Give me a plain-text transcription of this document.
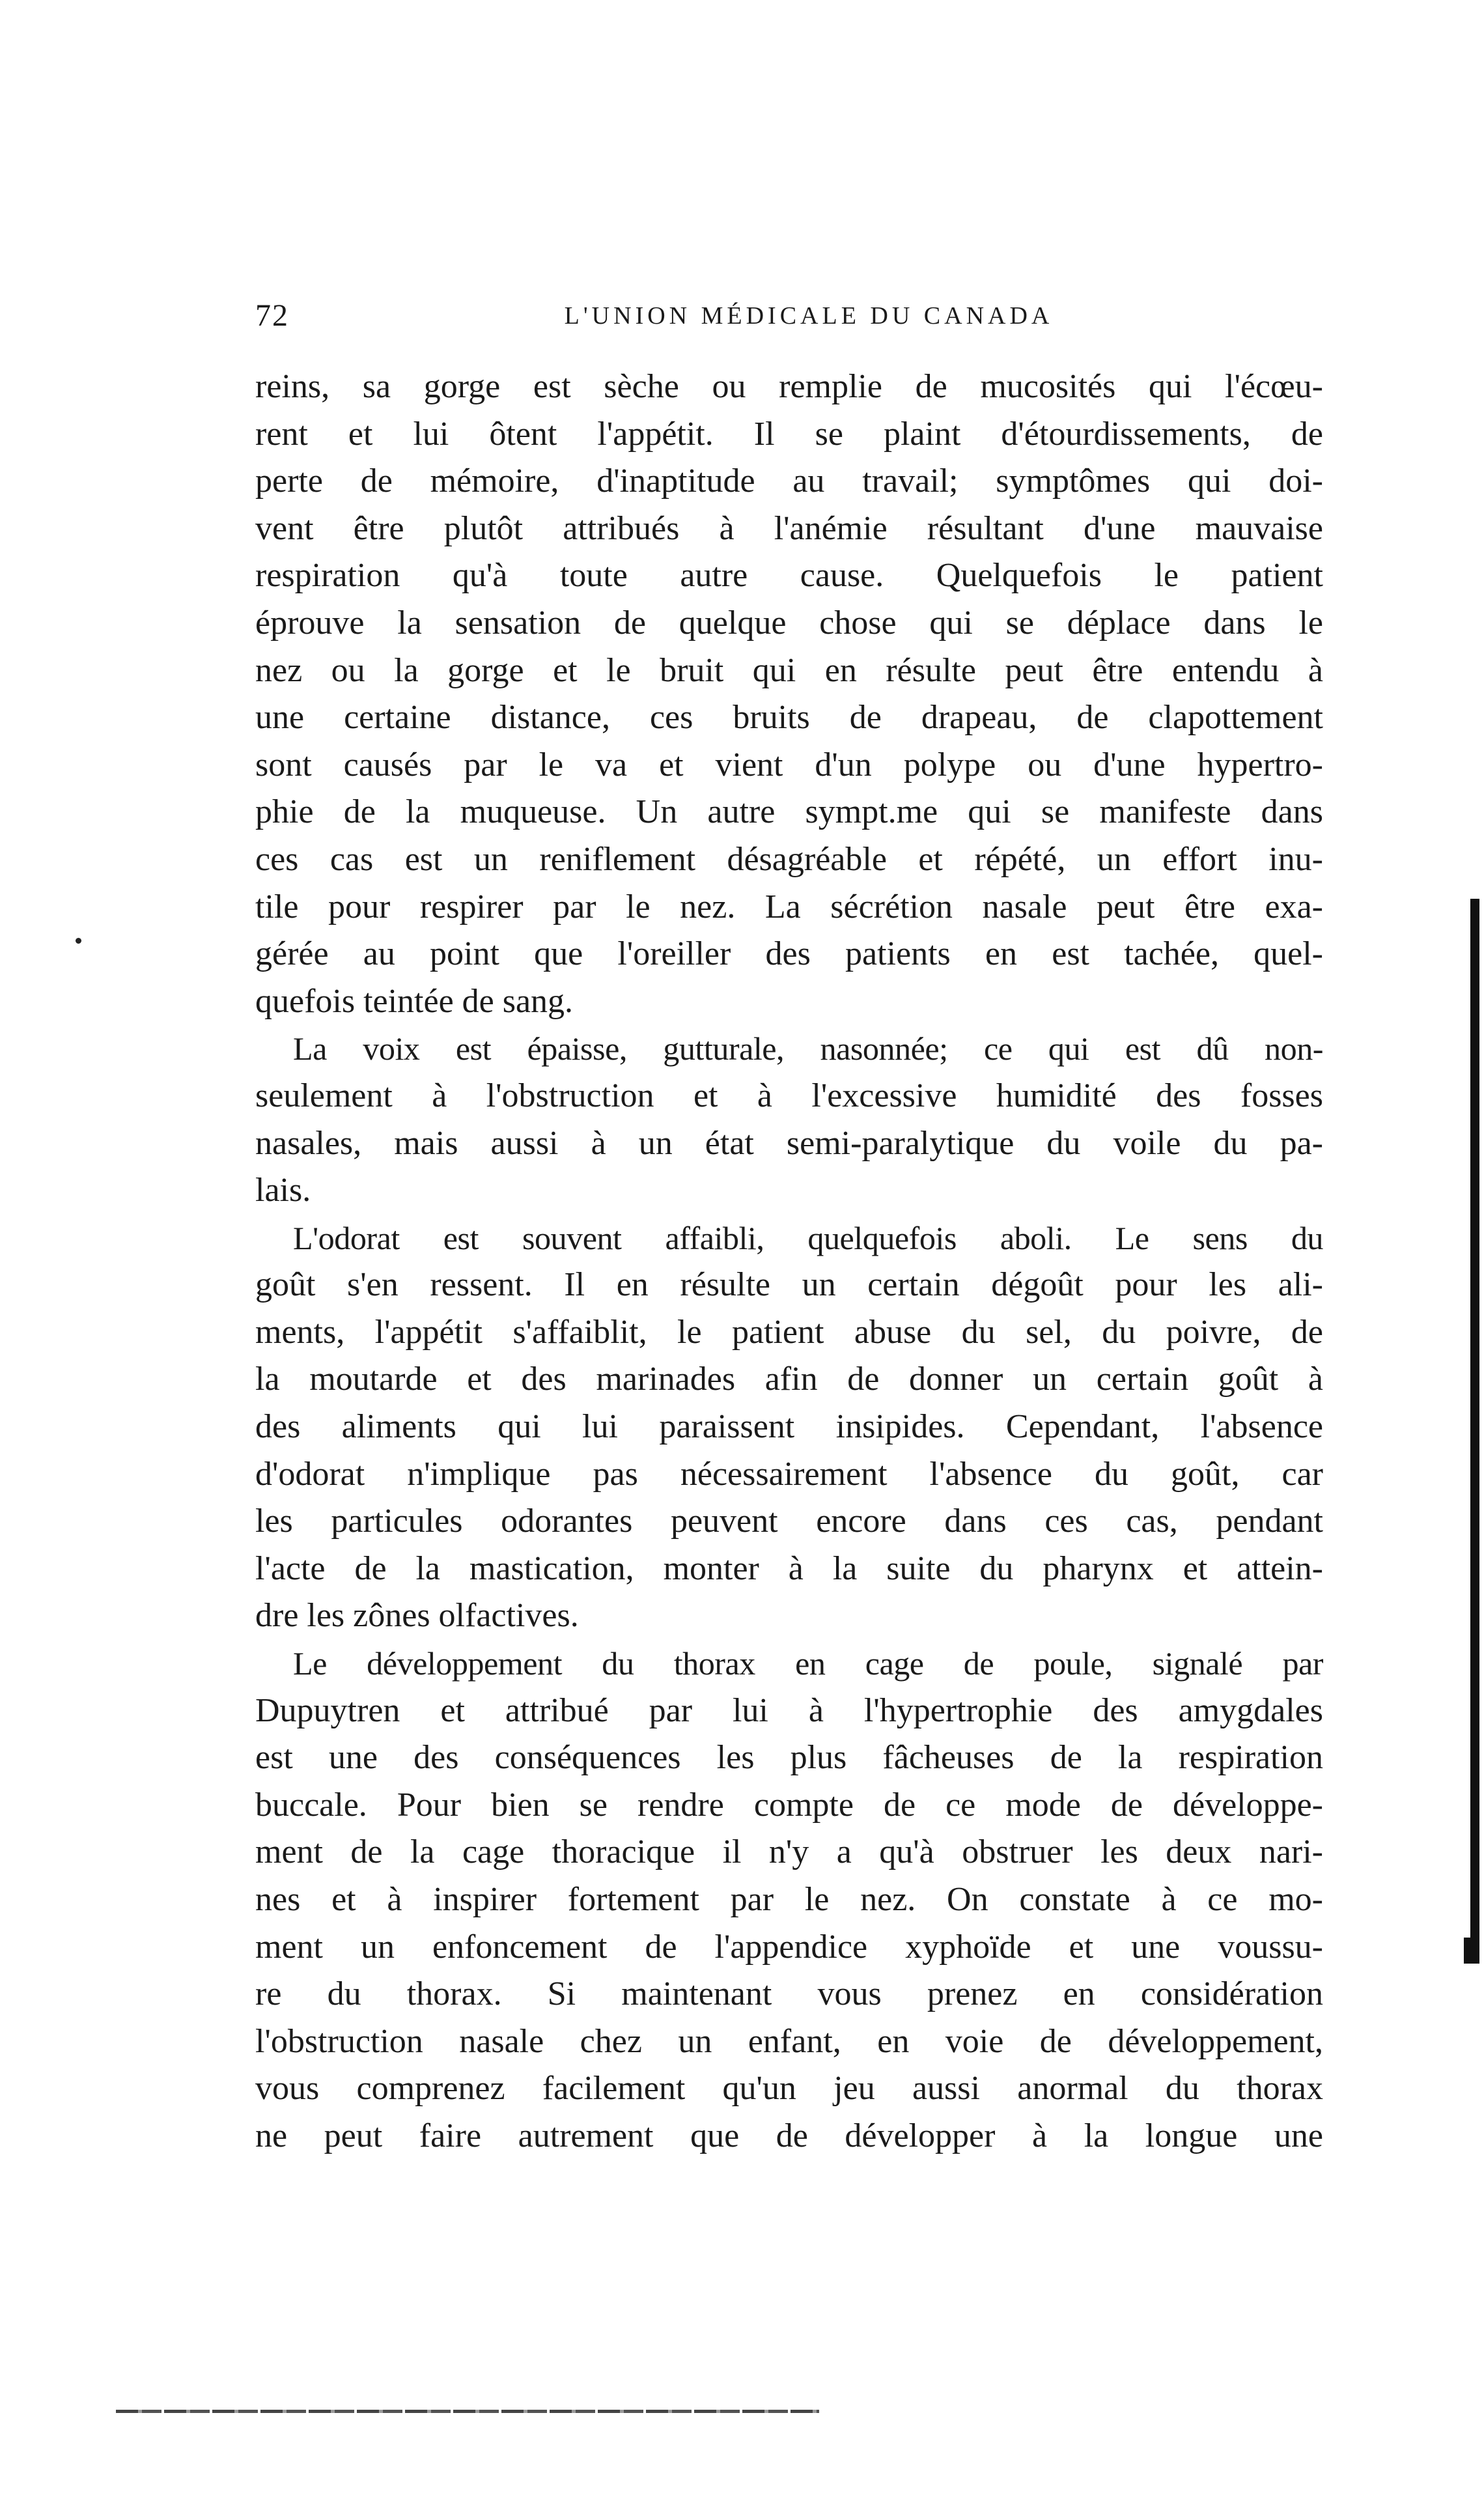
72	L'UNION MÉDICALE DU CANADA
reins, sa gorge est sèche ou remplie de mucosités qui l'écœu-
rent et lui ôtent l'appétit. Il se plaint d'étourdissements, de
perte de mémoire, d'inaptitude au travail; symptômes qui doi-
vent être plutôt attribués à l'anémie résultant d'une mauvaise
respiration qu'à toute autre cause. Quelquefois le patient
éprouve la sensation de quelque chose qui se déplace dans le
nez ou la gorge et le bruit qui en résulte peut être entendu à
une certaine distance, ces bruits de drapeau, de clapottement
sont causés par le va et vient d'un polype ou d'une hypertro-
phie de la muqueuse. Un autre sympt.me qui se manifeste dans
ces cas est un reniflement désagréable et répété, un effort inu-
tile pour respirer par le nez. La sécrétion nasale peut être exa-
gérée au point que l'oreiller des patients en est tachée, quel-
quefois teintée de sang.
La voix est épaisse, gutturale, nasonnée; ce qui est dû non-
seulement à l'obstruction et à l'excessive humidité des fosses
nasales, mais aussi à un état semi-paralytique du voile du pa-
lais.
L'odorat est souvent affaibli, quelquefois aboli. Le sens du
goût s'en ressent. Il en résulte un certain dégoût pour les ali-
ments, l'appétit s'affaiblit, le patient abuse du sel, du poivre, de
la moutarde et des marinades afin de donner un certain goût à
des aliments qui lui paraissent insipides. Cependant, l'absence
d'odorat n'implique pas nécessairement l'absence du goût, car
les particules odorantes peuvent encore dans ces cas, pendant
l'acte de la mastication, monter à la suite du pharynx et attein-
dre les zônes olfactives.
Le développement du thorax en cage de poule, signalé par
Dupuytren et attribué par lui à l'hypertrophie des amygdales
est une des conséquences les plus fâcheuses de la respiration
buccale. Pour bien se rendre compte de ce mode de développe-
ment de la cage thoracique il n'y a qu'à obstruer les deux nari-
nes et à inspirer fortement par le nez. On constate à ce mo-
ment un enfoncement de l'appendice xyphoïde et une voussu-
re du thorax. Si maintenant vous prenez en considération
l'obstruction nasale chez un enfant, en voie de développement,
vous comprenez facilement qu'un jeu aussi anormal du thorax
ne peut faire autrement que de développer à la longue une
